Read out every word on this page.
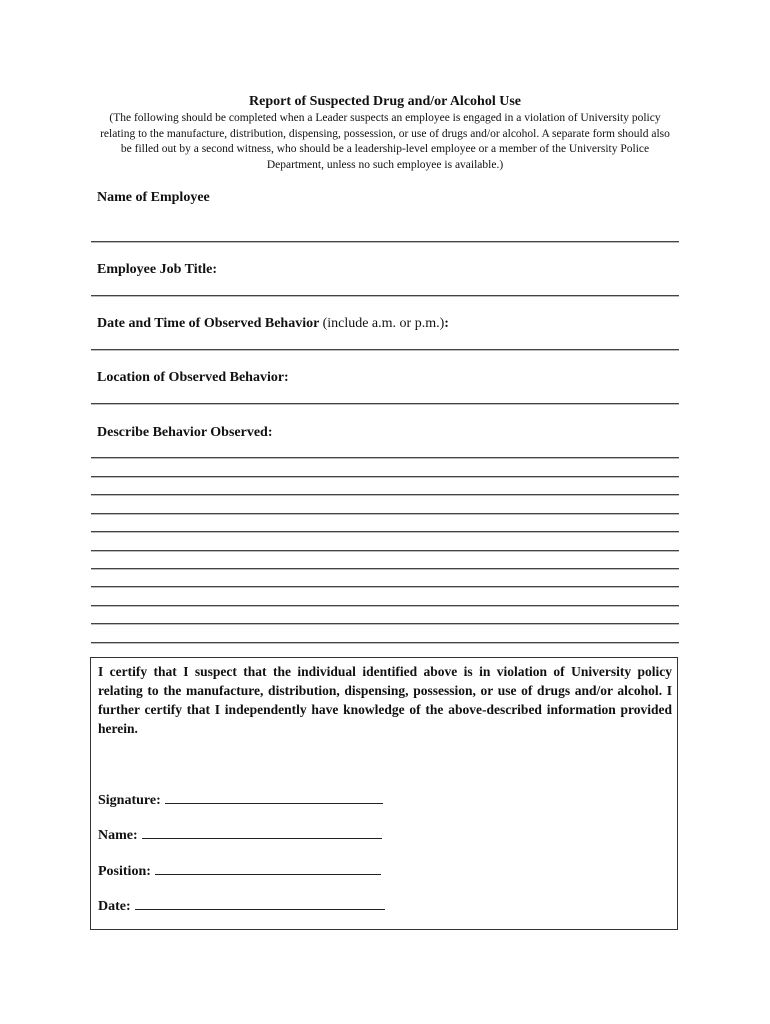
Report of Suspected Drug and/or Alcohol Use
(The following should be completed when a Leader suspects an employee is engaged in a violation of University policy relating to the manufacture, distribution, dispensing, possession, or use of drugs and/or alcohol. A separate form should also be filled out by a second witness, who should be a leadership-level employee or a member of the University Police Department, unless no such employee is available.)
Name of Employee
Employee Job Title:
Date and Time of Observed Behavior (include a.m. or p.m.):
Location of Observed Behavior:
Describe Behavior Observed:
I certify that I suspect that the individual identified above is in violation of University policy relating to the manufacture, distribution, dispensing, possession, or use of drugs and/or alcohol. I further certify that I independently have knowledge of the above-described information provided herein.
Signature:
Name:
Position:
Date:
